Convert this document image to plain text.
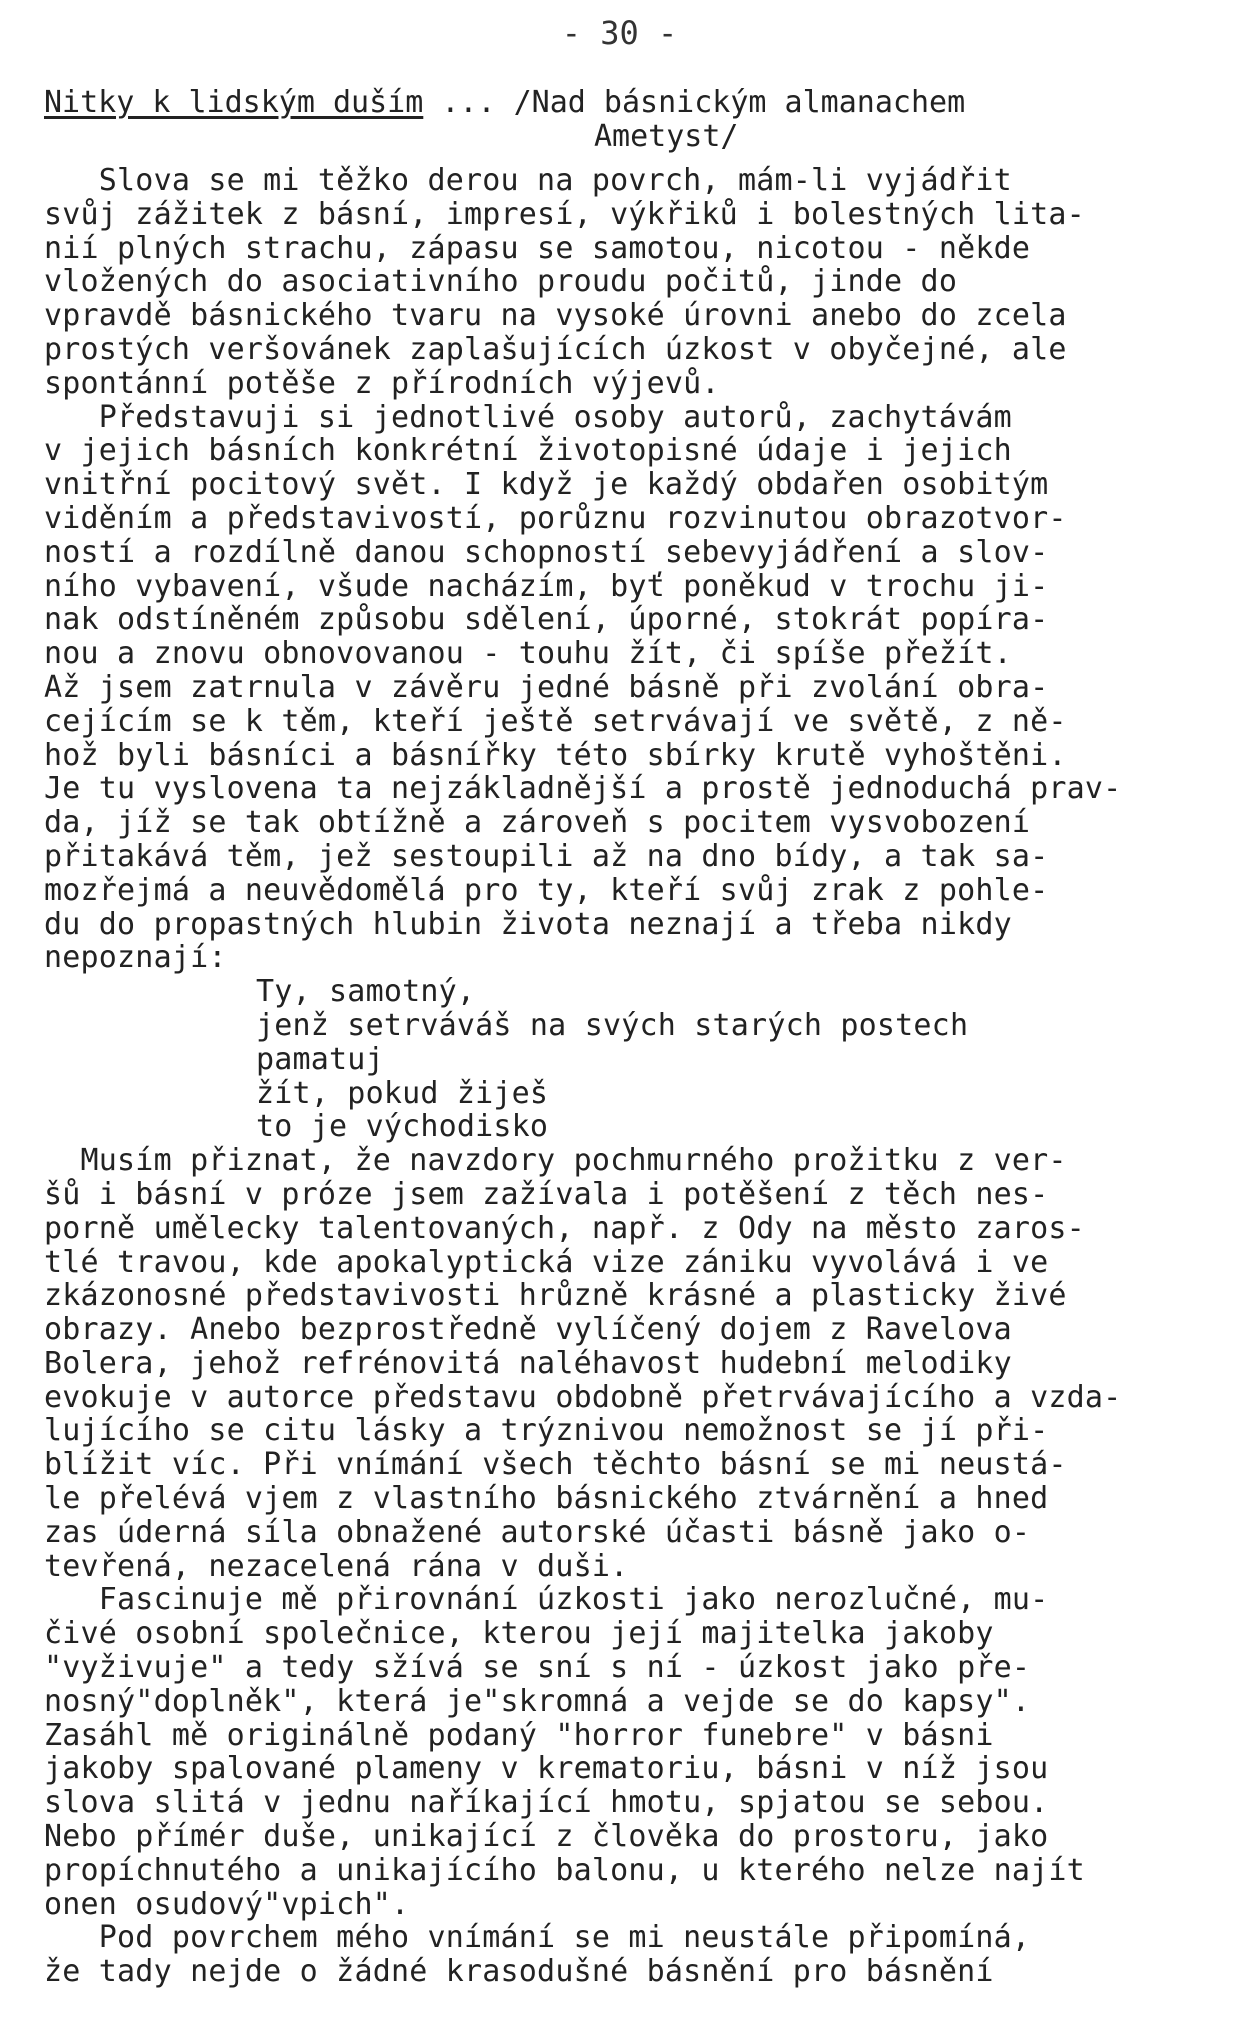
- 30 -
Nitky k lidským duším ... /Nad básnickým almanachem
Ametyst/
Slova se mi těžko derou na povrch, mám-li vyjádřit
svůj zážitek z básní, impresí, výkřiků i bolestných lita-
nií plných strachu, zápasu se samotou, nicotou - někde
vložených do asociativního proudu počitů, jinde do
vpravdě básnického tvaru na vysoké úrovni anebo do zcela
prostých veršovánek zaplašujících úzkost v obyčejné, ale
spontánní potěše z přírodních výjevů.
Představuji si jednotlivé osoby autorů, zachytávám
v jejich básních konkrétní životopisné údaje i jejich
vnitřní pocitový svět. I když je každý obdařen osobitým
viděním a představivostí, porůznu rozvinutou obrazotvor-
ností a rozdílně danou schopností sebevyjádření a slov-
ního vybavení, všude nacházím, byť poněkud v trochu ji-
nak odstíněném způsobu sdělení, úporné, stokrát popíra-
nou a znovu obnovovanou - touhu žít, či spíše přežít.
Až jsem zatrnula v závěru jedné básně při zvolání obra-
cejícím se k těm, kteří ještě setrvávají ve světě, z ně-
hož byli básníci a básnířky této sbírky krutě vyhoštěni.
Je tu vyslovena ta nejzákladnější a prostě jednoduchá prav-
da, jíž se tak obtížně a zároveň s pocitem vysvobození
přitakává těm, jež sestoupili až na dno bídy, a tak sa-
mozřejmá a neuvědomělá pro ty, kteří svůj zrak z pohle-
du do propastných hlubin života neznají a třeba nikdy
nepoznají:
Ty, samotný,
jenž setrváváš na svých starých postech
pamatuj
žít, pokud žiješ
to je východisko
Musím přiznat, že navzdory pochmurného prožitku z ver-
šů i básní v próze jsem zažívala i potěšení z těch nes-
porně umělecky talentovaných, např. z Ody na město zaros-
tlé travou, kde apokalyptická vize zániku vyvolává i ve
zkázonosné představivosti hrůzně krásné a plasticky živé
obrazy. Anebo bezprostředně vylíčený dojem z Ravelova
Bolera, jehož refrénovitá naléhavost hudební melodiky
evokuje v autorce představu obdobně přetrvávajícího a vzda-
lujícího se citu lásky a trýznivou nemožnost se jí při-
blížit víc. Při vnímání všech těchto básní se mi neustá-
le přelévá vjem z vlastního básnického ztvárnění a hned
zas úderná síla obnažené autorské účasti básně jako o-
tevřená, nezacelená rána v duši.
Fascinuje mě přirovnání úzkosti jako nerozlučné, mu-
čivé osobní společnice, kterou její majitelka jakoby
"vyživuje" a tedy sžívá se sní s ní - úzkost jako pře-
nosný"doplněk", která je"skromná a vejde se do kapsy".
Zasáhl mě originálně podaný "horror funebre" v básni
jakoby spalované plameny v krematoriu, básni v níž jsou
slova slitá v jednu naříkající hmotu, spjatou se sebou.
Nebo přímér duše, unikající z člověka do prostoru, jako
propíchnutého a unikajícího balonu, u kterého nelze najít
onen osudový"vpich".
Pod povrchem mého vnímání se mi neustále připomíná,
že tady nejde o žádné krasodušné básnění pro básnění
